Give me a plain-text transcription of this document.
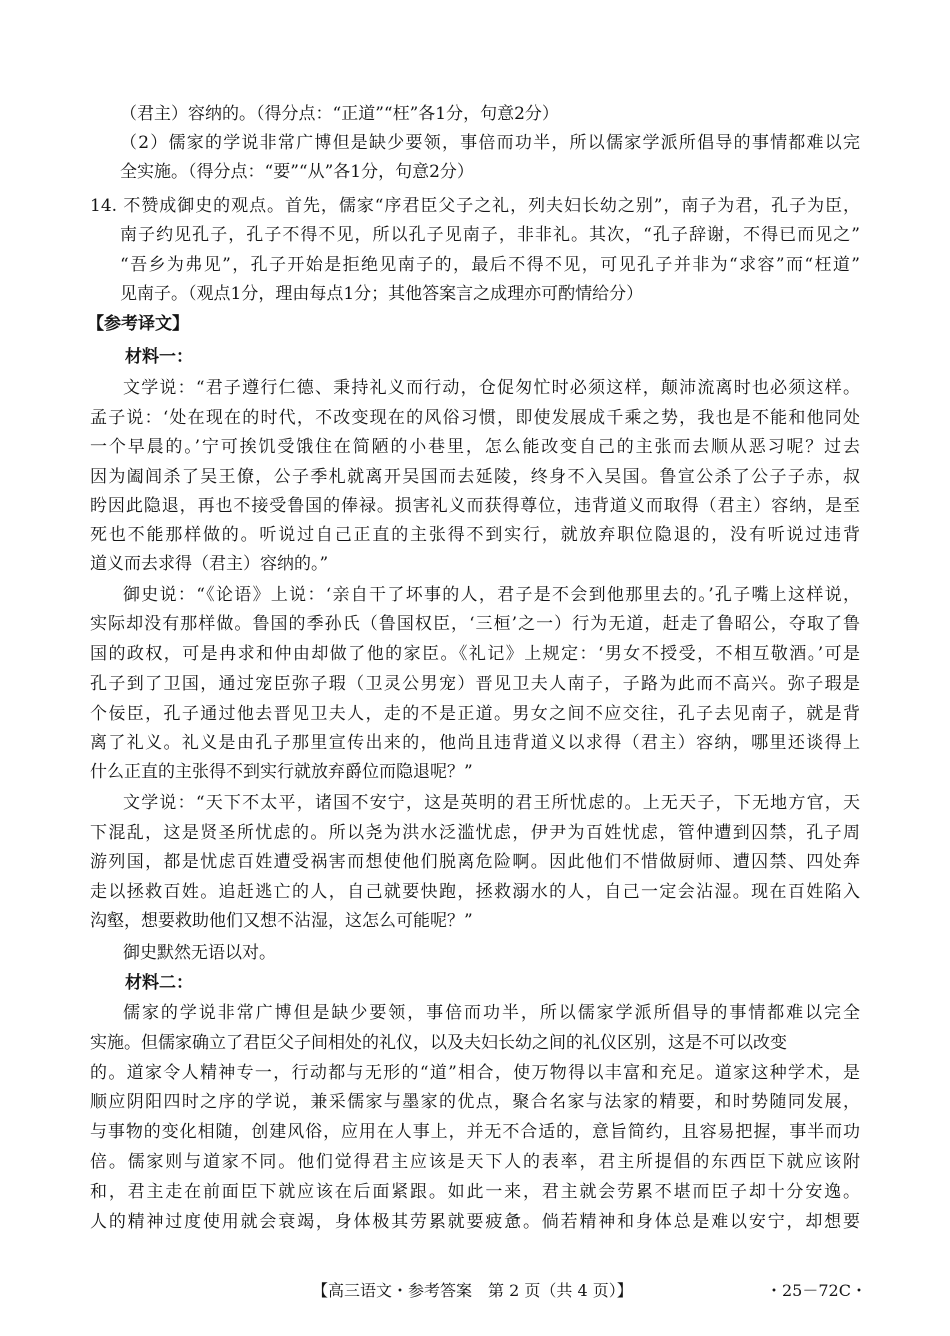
（君主）容纳的。（得分点：“正道”“枉”各1分，句意2分）
（2）儒家的学说非常广博但是缺少要领，事倍而功半，所以儒家学派所倡导的事情都难以完
全实施。（得分点：“要”“从”各1分，句意2分）
14. 不赞成御史的观点。首先，儒家“序君臣父子之礼，列夫妇长幼之别”，南子为君，孔子为臣，
南子约见孔子，孔子不得不见，所以孔子见南子，非非礼。其次，“孔子辞谢，不得已而见之”
“吾乡为弗见”，孔子开始是拒绝见南子的，最后不得不见，可见孔子并非为“求容”而“枉道”
见南子。（观点1分，理由每点1分；其他答案言之成理亦可酌情给分）
【参考译文】
材料一：
文学说：“君子遵行仁德、秉持礼义而行动，仓促匆忙时必须这样，颠沛流离时也必须这样。
孟子说：‘处在现在的时代，不改变现在的风俗习惯，即使发展成千乘之势，我也是不能和他同处
一个早晨的。’宁可挨饥受饿住在简陋的小巷里，怎么能改变自己的主张而去顺从恶习呢？过去
因为阖闾杀了吴王僚，公子季札就离开吴国而去延陵，终身不入吴国。鲁宣公杀了公子子赤，叔
盻因此隐退，再也不接受鲁国的俸禄。损害礼义而获得尊位，违背道义而取得（君主）容纳，是至
死也不能那样做的。听说过自己正直的主张得不到实行，就放弃职位隐退的，没有听说过违背
道义而去求得（君主）容纳的。”
御史说：“《论语》上说：‘亲自干了坏事的人，君子是不会到他那里去的。’孔子嘴上这样说，
实际却没有那样做。鲁国的季孙氏（鲁国权臣，‘三桓’之一）行为无道，赶走了鲁昭公，夺取了鲁
国的政权，可是冉求和仲由却做了他的家臣。《礼记》上规定：‘男女不授受，不相互敬酒。’可是
孔子到了卫国，通过宠臣弥子瑕（卫灵公男宠）晋见卫夫人南子，子路为此而不高兴。弥子瑕是
个佞臣，孔子通过他去晋见卫夫人，走的不是正道。男女之间不应交往，孔子去见南子，就是背
离了礼义。礼义是由孔子那里宣传出来的，他尚且违背道义以求得（君主）容纳，哪里还谈得上
什么正直的主张得不到实行就放弃爵位而隐退呢？”
文学说：“天下不太平，诸国不安宁，这是英明的君王所忧虑的。上无天子，下无地方官，天
下混乱，这是贤圣所忧虑的。所以尧为洪水泛滥忧虑，伊尹为百姓忧虑，管仲遭到囚禁，孔子周
游列国，都是忧虑百姓遭受祸害而想使他们脱离危险啊。因此他们不惜做厨师、遭囚禁、四处奔
走以拯救百姓。追赶逃亡的人，自己就要快跑，拯救溺水的人，自己一定会沾湿。现在百姓陷入
沟壑，想要救助他们又想不沾湿，这怎么可能呢？”
御史默然无语以对。
材料二：
儒家的学说非常广博但是缺少要领，事倍而功半，所以儒家学派所倡导的事情都难以完全
实施。但儒家确立了君臣父子间相处的礼仪，以及夫妇长幼之间的礼仪区别，这是不可以改变
的。道家令人精神专一，行动都与无形的“道”相合，使万物得以丰富和充足。道家这种学术，是
顺应阴阳四时之序的学说，兼采儒家与墨家的优点，聚合名家与法家的精要，和时势随同发展，
与事物的变化相随，创建风俗，应用在人事上，并无不合适的，意旨简约，且容易把握，事半而功
倍。儒家则与道家不同。他们觉得君主应该是天下人的表率，君主所提倡的东西臣下就应该附
和，君主走在前面臣下就应该在后面紧跟。如此一来，君主就会劳累不堪而臣子却十分安逸。
人的精神过度使用就会衰竭，身体极其劳累就要疲惫。倘若精神和身体总是难以安宁，却想要
【高三语文・参考答案　第 2 页（共 4 页）】	・25－72C・
